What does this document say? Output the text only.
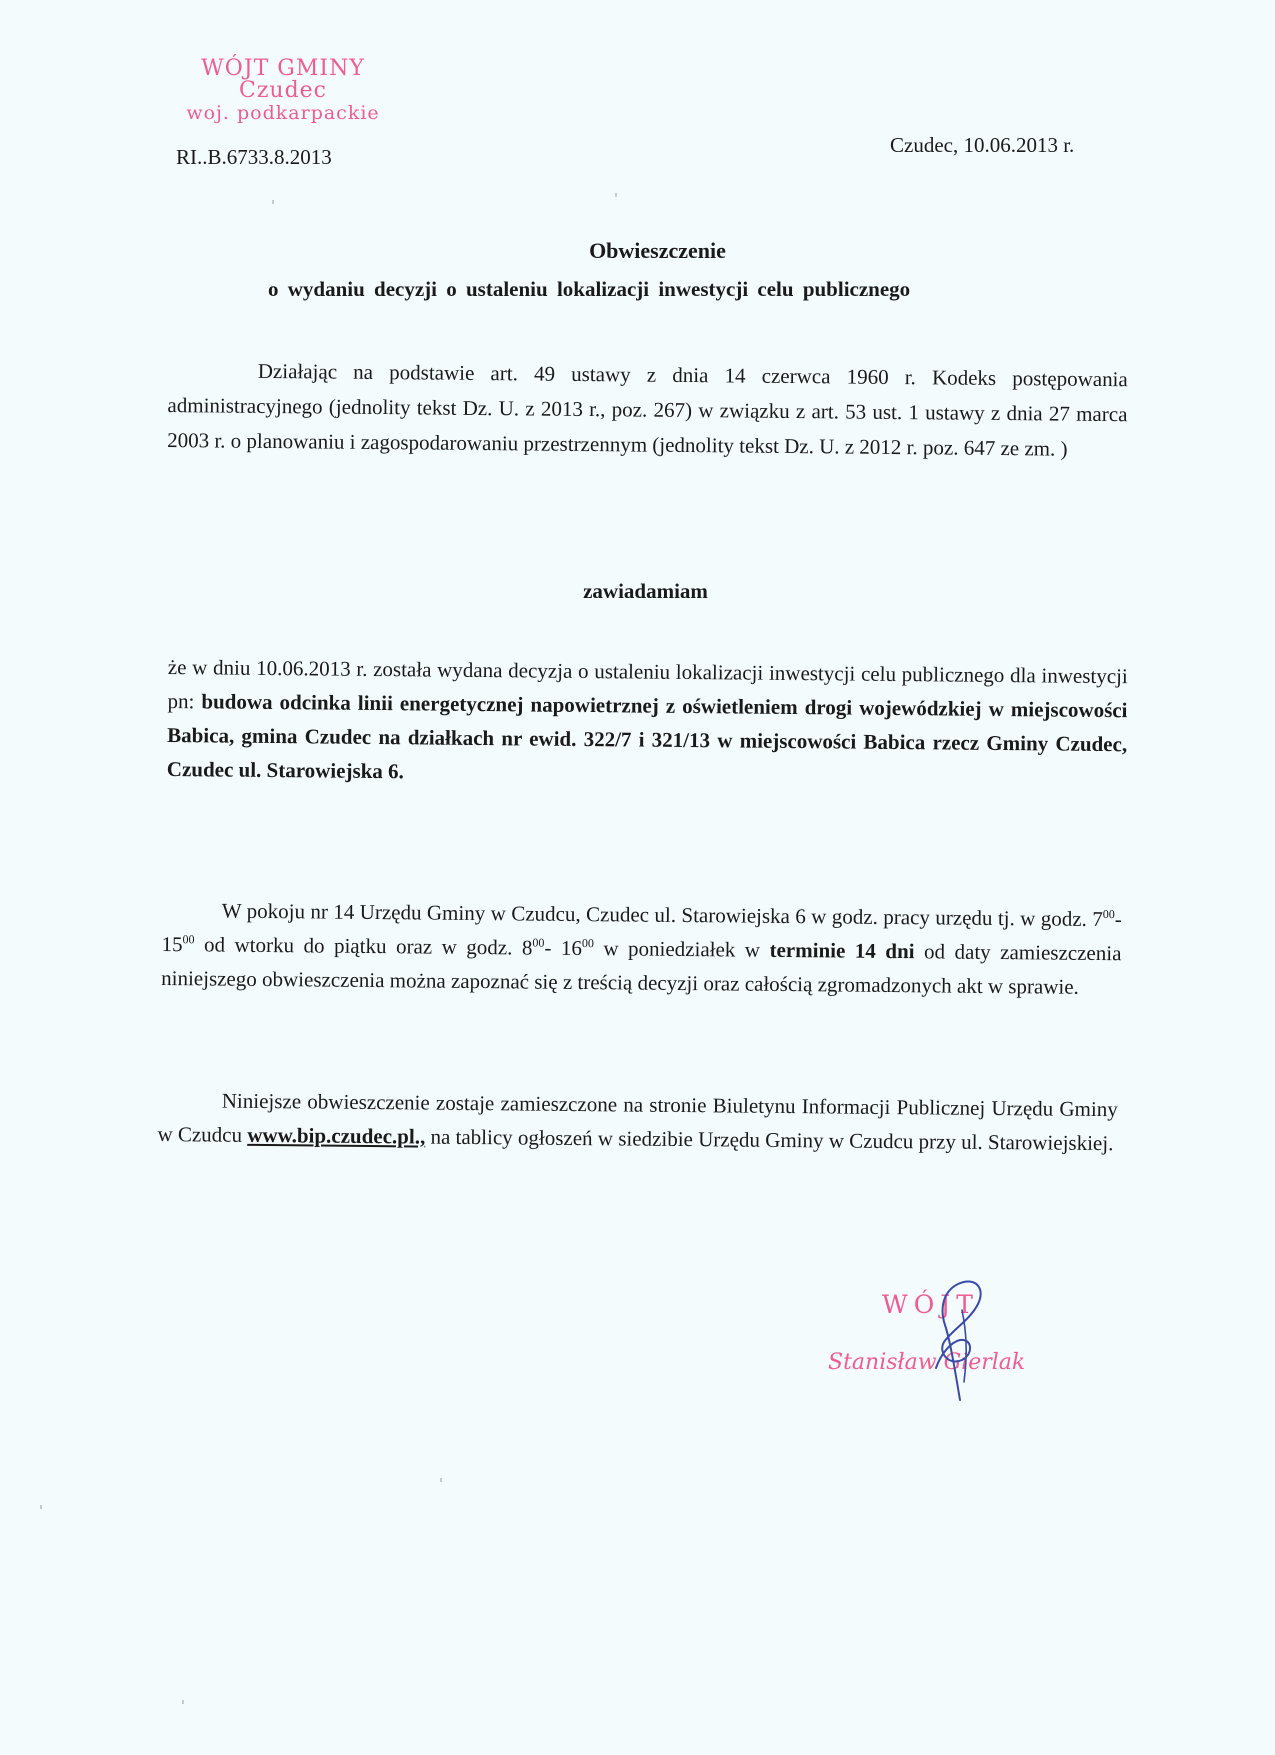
WÓJT GMINY
Czudec
woj. podkarpackie
RI..B.6733.8.2013	Czudec, 10.06.2013 r.
Obwieszczenie
o wydaniu decyzji o ustaleniu lokalizacji inwestycji celu publicznego
Działając na podstawie art. 49 ustawy z dnia 14 czerwca 1960 r. Kodeks postępowania administracyjnego (jednolity tekst Dz. U. z 2013 r., poz. 267) w związku z art. 53 ust. 1 ustawy z dnia 27 marca 2003 r. o planowaniu i zagospodarowaniu przestrzennym (jednolity tekst Dz. U. z 2012 r. poz. 647 ze zm. )
zawiadamiam
że w dniu 10.06.2013 r. została wydana decyzja o ustaleniu lokalizacji inwestycji celu publicznego dla inwestycji pn: budowa odcinka linii energetycznej napowietrznej z oświetleniem drogi wojewódzkiej w miejscowości Babica, gmina Czudec na działkach nr ewid. 322/7 i 321/13 w miejscowości Babica rzecz Gminy Czudec, Czudec ul. Starowiejska 6.
W pokoju nr 14 Urzędu Gminy w Czudcu, Czudec ul. Starowiejska 6 w godz. pracy urzędu tj. w godz. $7^{00}-$ $15^{00}$ od wtorku do piątku oraz w godz. $8^{00}-$ $16^{00}$ w poniedziałek w terminie 14 dni od daty zamieszczenia niniejszego obwieszczenia można zapoznać się z treścią decyzji oraz całością zgromadzonych akt w sprawie.
Niniejsze obwieszczenie zostaje zamieszczone na stronie Biuletynu Informacji Publicznej Urzędu Gminy w Czudcu www.bip.czudec.pl., na tablicy ogłoszeń w siedzibie Urzędu Gminy w Czudcu przy ul. Starowiejskiej.
WÓJT
Stanisław Gierlak
